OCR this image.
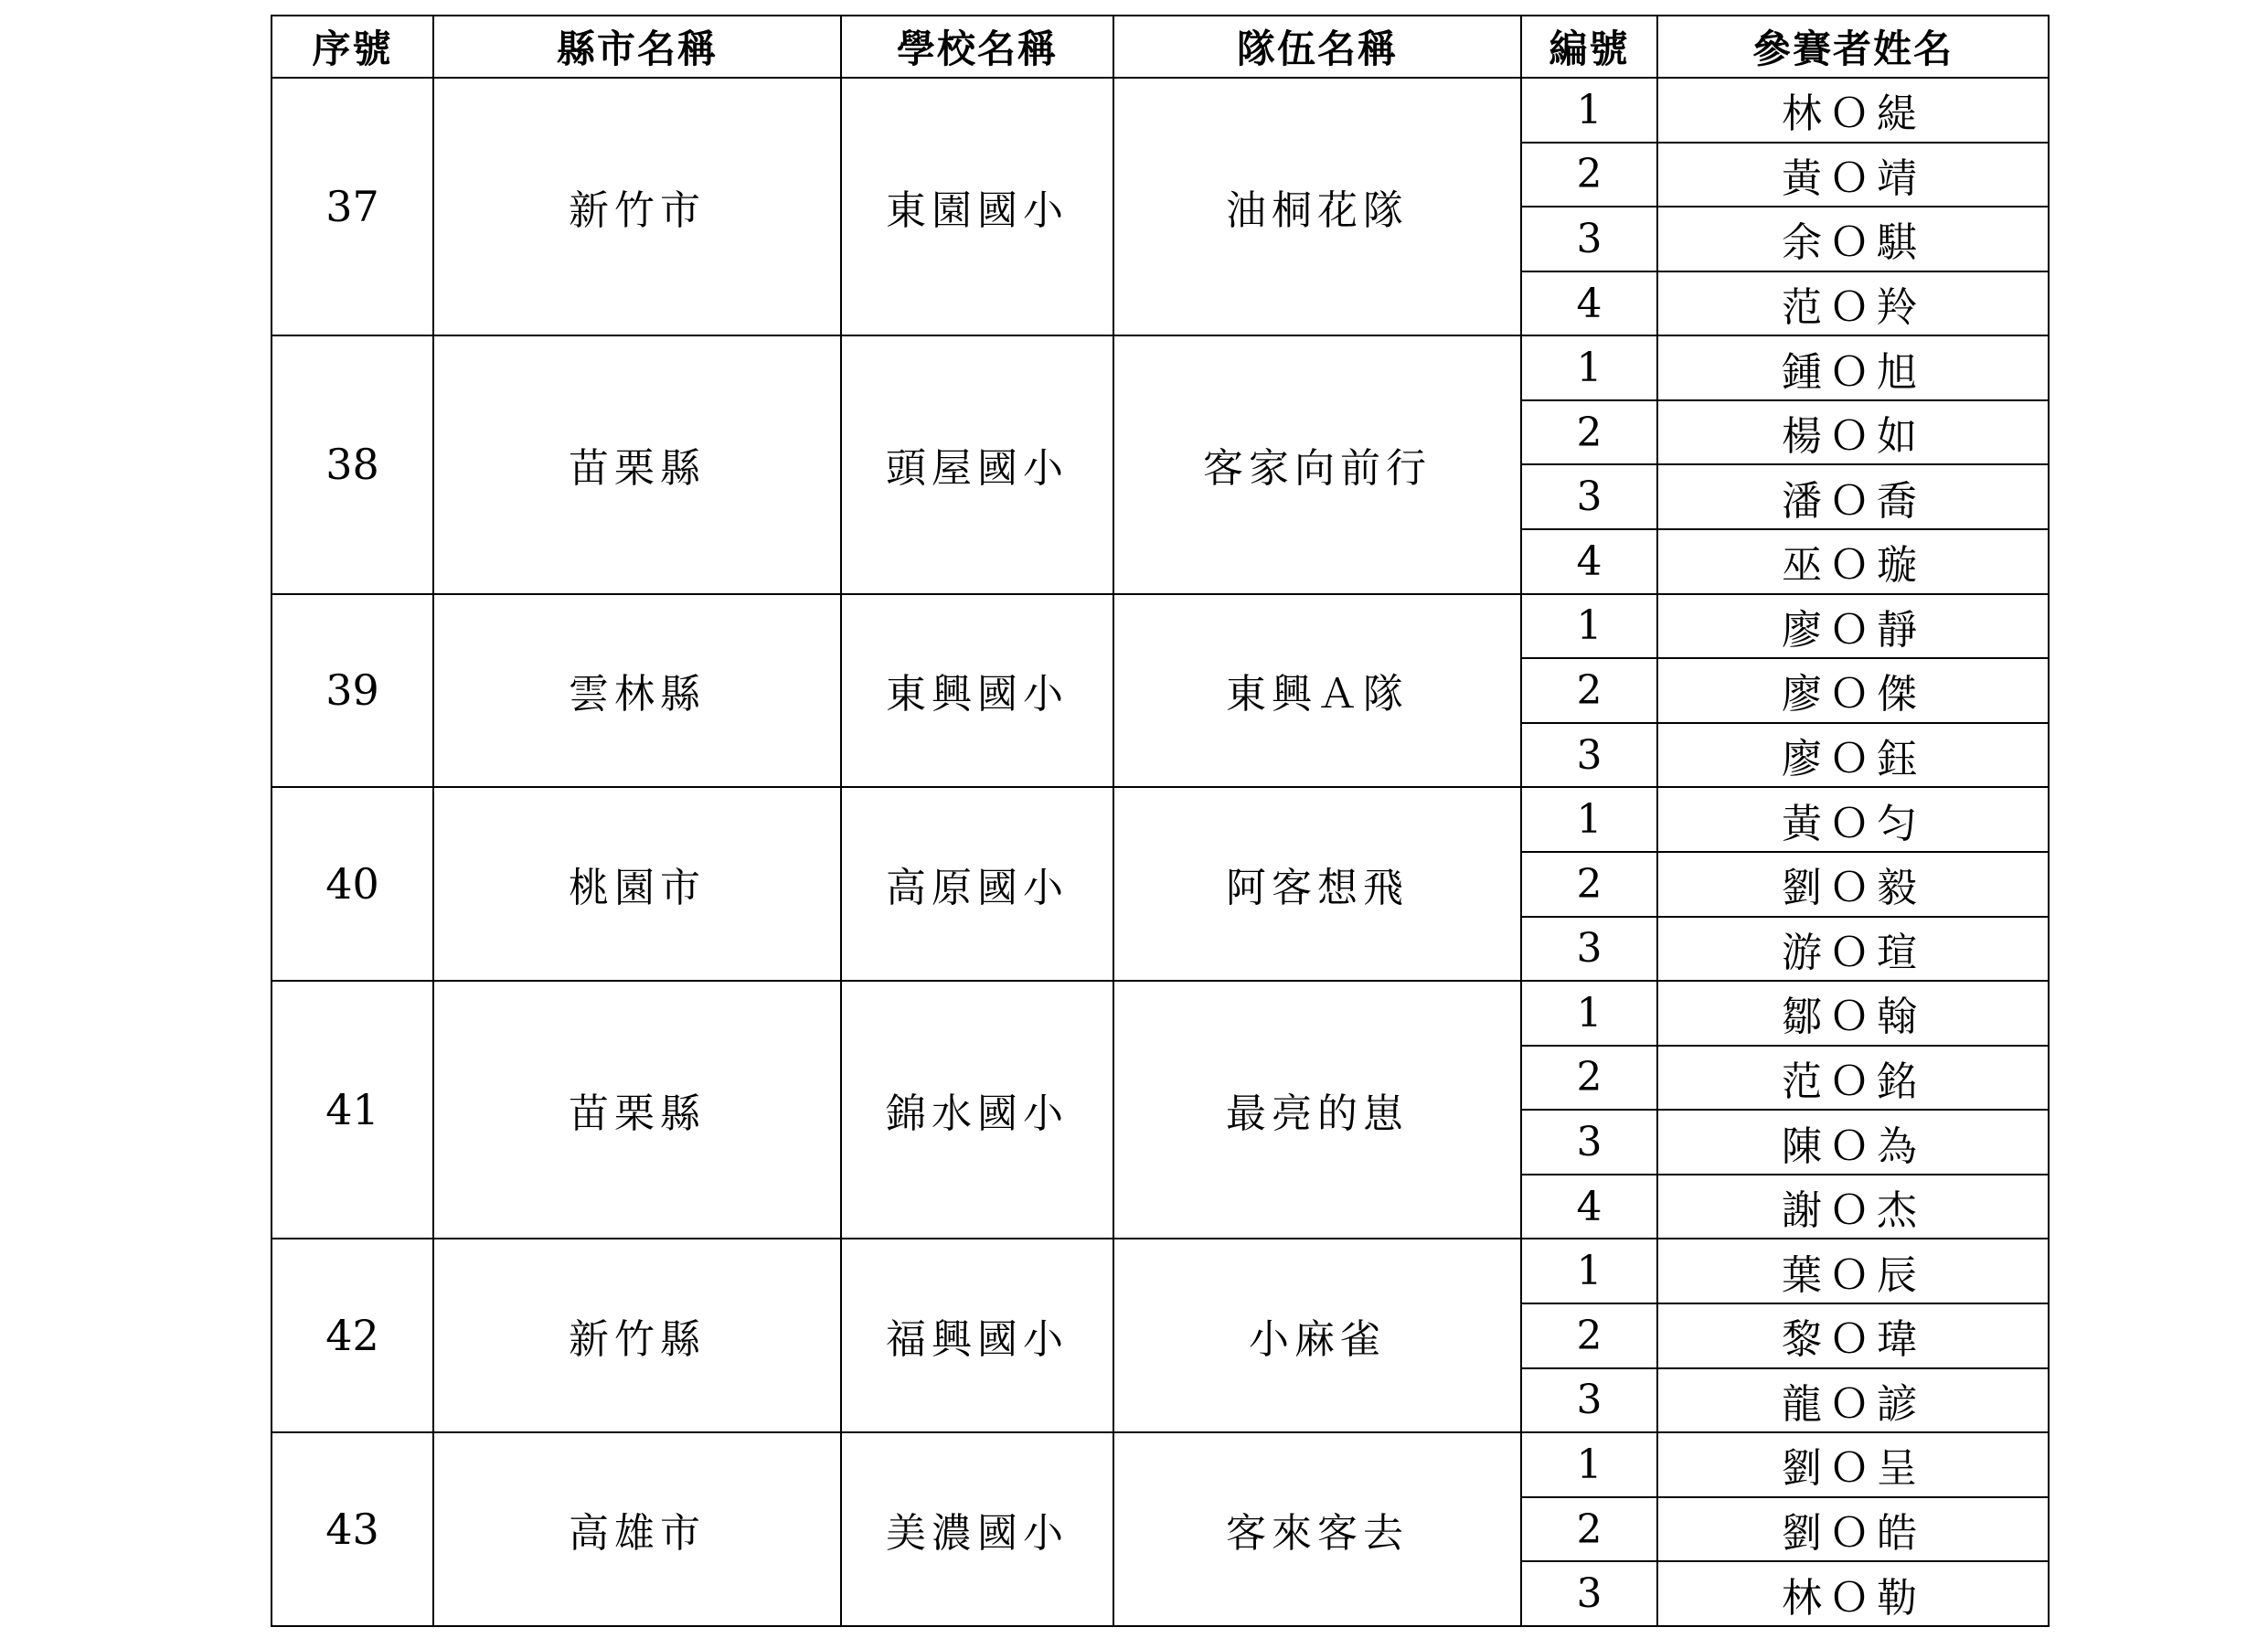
序號	縣市名稱	學校名稱	隊伍名稱	編號	參賽者姓名
37	新竹市	東園國小	油桐花隊	1	林Ｏ緹
				2	黃Ｏ靖
				3	余Ｏ騏
				4	范Ｏ羚
38	苗栗縣	頭屋國小	客家向前行	1	鍾Ｏ旭
				2	楊Ｏ如
				3	潘Ｏ喬
				4	巫Ｏ璇
39	雲林縣	東興國小	東興Ａ隊	1	廖Ｏ靜
				2	廖Ｏ傑
				3	廖Ｏ鈺
40	桃園市	高原國小	阿客想飛	1	黃Ｏ匀
				2	劉Ｏ毅
				3	游Ｏ瑄
41	苗栗縣	錦水國小	最亮的崽	1	鄒Ｏ翰
				2	范Ｏ銘
				3	陳Ｏ為
				4	謝Ｏ杰
42	新竹縣	福興國小	小麻雀	1	葉Ｏ辰
				2	黎Ｏ瑋
				3	龍Ｏ諺
43	高雄市	美濃國小	客來客去	1	劉Ｏ呈
				2	劉Ｏ皓
				3	林Ｏ勒
